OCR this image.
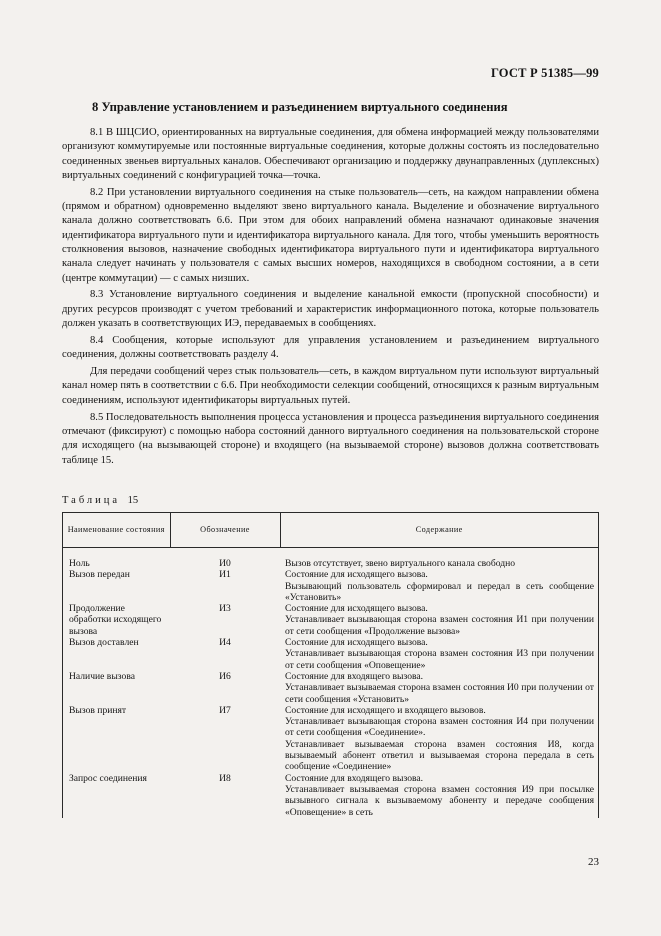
ГОСТ Р 51385—99
8 Управление установлением и разъединением виртуального соединения

8.1 В ШЦСИО, ориентированных на виртуальные соединения, для обмена информацией между пользователями организуют коммутируемые или постоянные виртуальные соединения, которые должны состоять из последовательно соединенных звеньев виртуальных каналов. Обеспечивают организацию и поддержку двунаправленных (дуплексных) виртуальных соединений с конфигурацией точка—точка.

8.2 При установлении виртуального соединения на стыке пользователь—сеть, на каждом направлении обмена (прямом и обратном) одновременно выделяют звено виртуального канала. Выделение и обозначение виртуального канала должно соответствовать 6.6. При этом для обоих направлений обмена назначают одинаковые значения идентификатора виртуального пути и идентификатора виртуального канала. Для того, чтобы уменьшить вероятность столкновения вызовов, назначение свободных идентификатора виртуального пути и идентификатора виртуального канала следует начинать у пользователя с самых высших номеров, находящихся в свободном состоянии, а в сети (центре коммутации) — с самых низших.

8.3 Установление виртуального соединения и выделение канальной емкости (пропускной способности) и других ресурсов производят с учетом требований и характеристик информационного потока, которые пользователь должен указать в соответствующих ИЭ, передаваемых в сообщениях.

8.4 Сообщения, которые используют для управления установлением и разъединением виртуального соединения, должны соответствовать разделу 4.

Для передачи сообщений через стык пользователь—сеть, в каждом виртуальном пути используют виртуальный канал номер пять в соответствии с 6.6. При необходимости селекции сообщений, относящихся к разным виртуальным соединениям, используют идентификаторы виртуальных путей.

8.5 Последовательность выполнения процесса установления и процесса разъединения виртуального соединения отмечают (фиксируют) с помощью набора состояний данного виртуального соединения на пользовательской стороне для исходящего (на вызывающей стороне) и входящего (на вызываемой стороне) вызовов должна соответствовать таблице 15.

Таблица 15
Наименование состояния	Обозначение	Содержание
Ноль	И0	Вызов отсутствует, звено виртуального канала свободно

Вызов передан	И1	Состояние для исходящего вызова.
Вызывающий пользователь сформировал и передал в сеть сообщение «Установить»

Продолжение обработки исходящего вызова	И3	Состояние для исходящего вызова.
Устанавливает вызывающая сторона взамен состояния И1 при получении от сети сообщения «Продолжение вызова»

Вызов доставлен	И4	Состояние для исходящего вызова.
Устанавливает вызывающая сторона взамен состояния И3 при получении от сети сообщения «Оповещение»

Наличие вызова	И6	Состояние для входящего вызова.
Устанавливает вызываемая сторона взамен состояния И0 при получении от сети сообщения «Установить»

Вызов принят	И7	Состояние для исходящего и входящего вызовов.
Устанавливает вызывающая сторона взамен состояния И4 при получении от сети сообщения «Соединение».
Устанавливает вызываемая сторона взамен состояния И8, когда вызываемый абонент ответил и вызываемая сторона передала в сеть сообщение «Соединение»

Запрос соединения	И8	Состояние для входящего вызова.
Устанавливает вызываемая сторона взамен состояния И9 при посылке вызывного сигнала к вызываемому абоненту и передаче сообщения «Оповещение» в сеть
23
